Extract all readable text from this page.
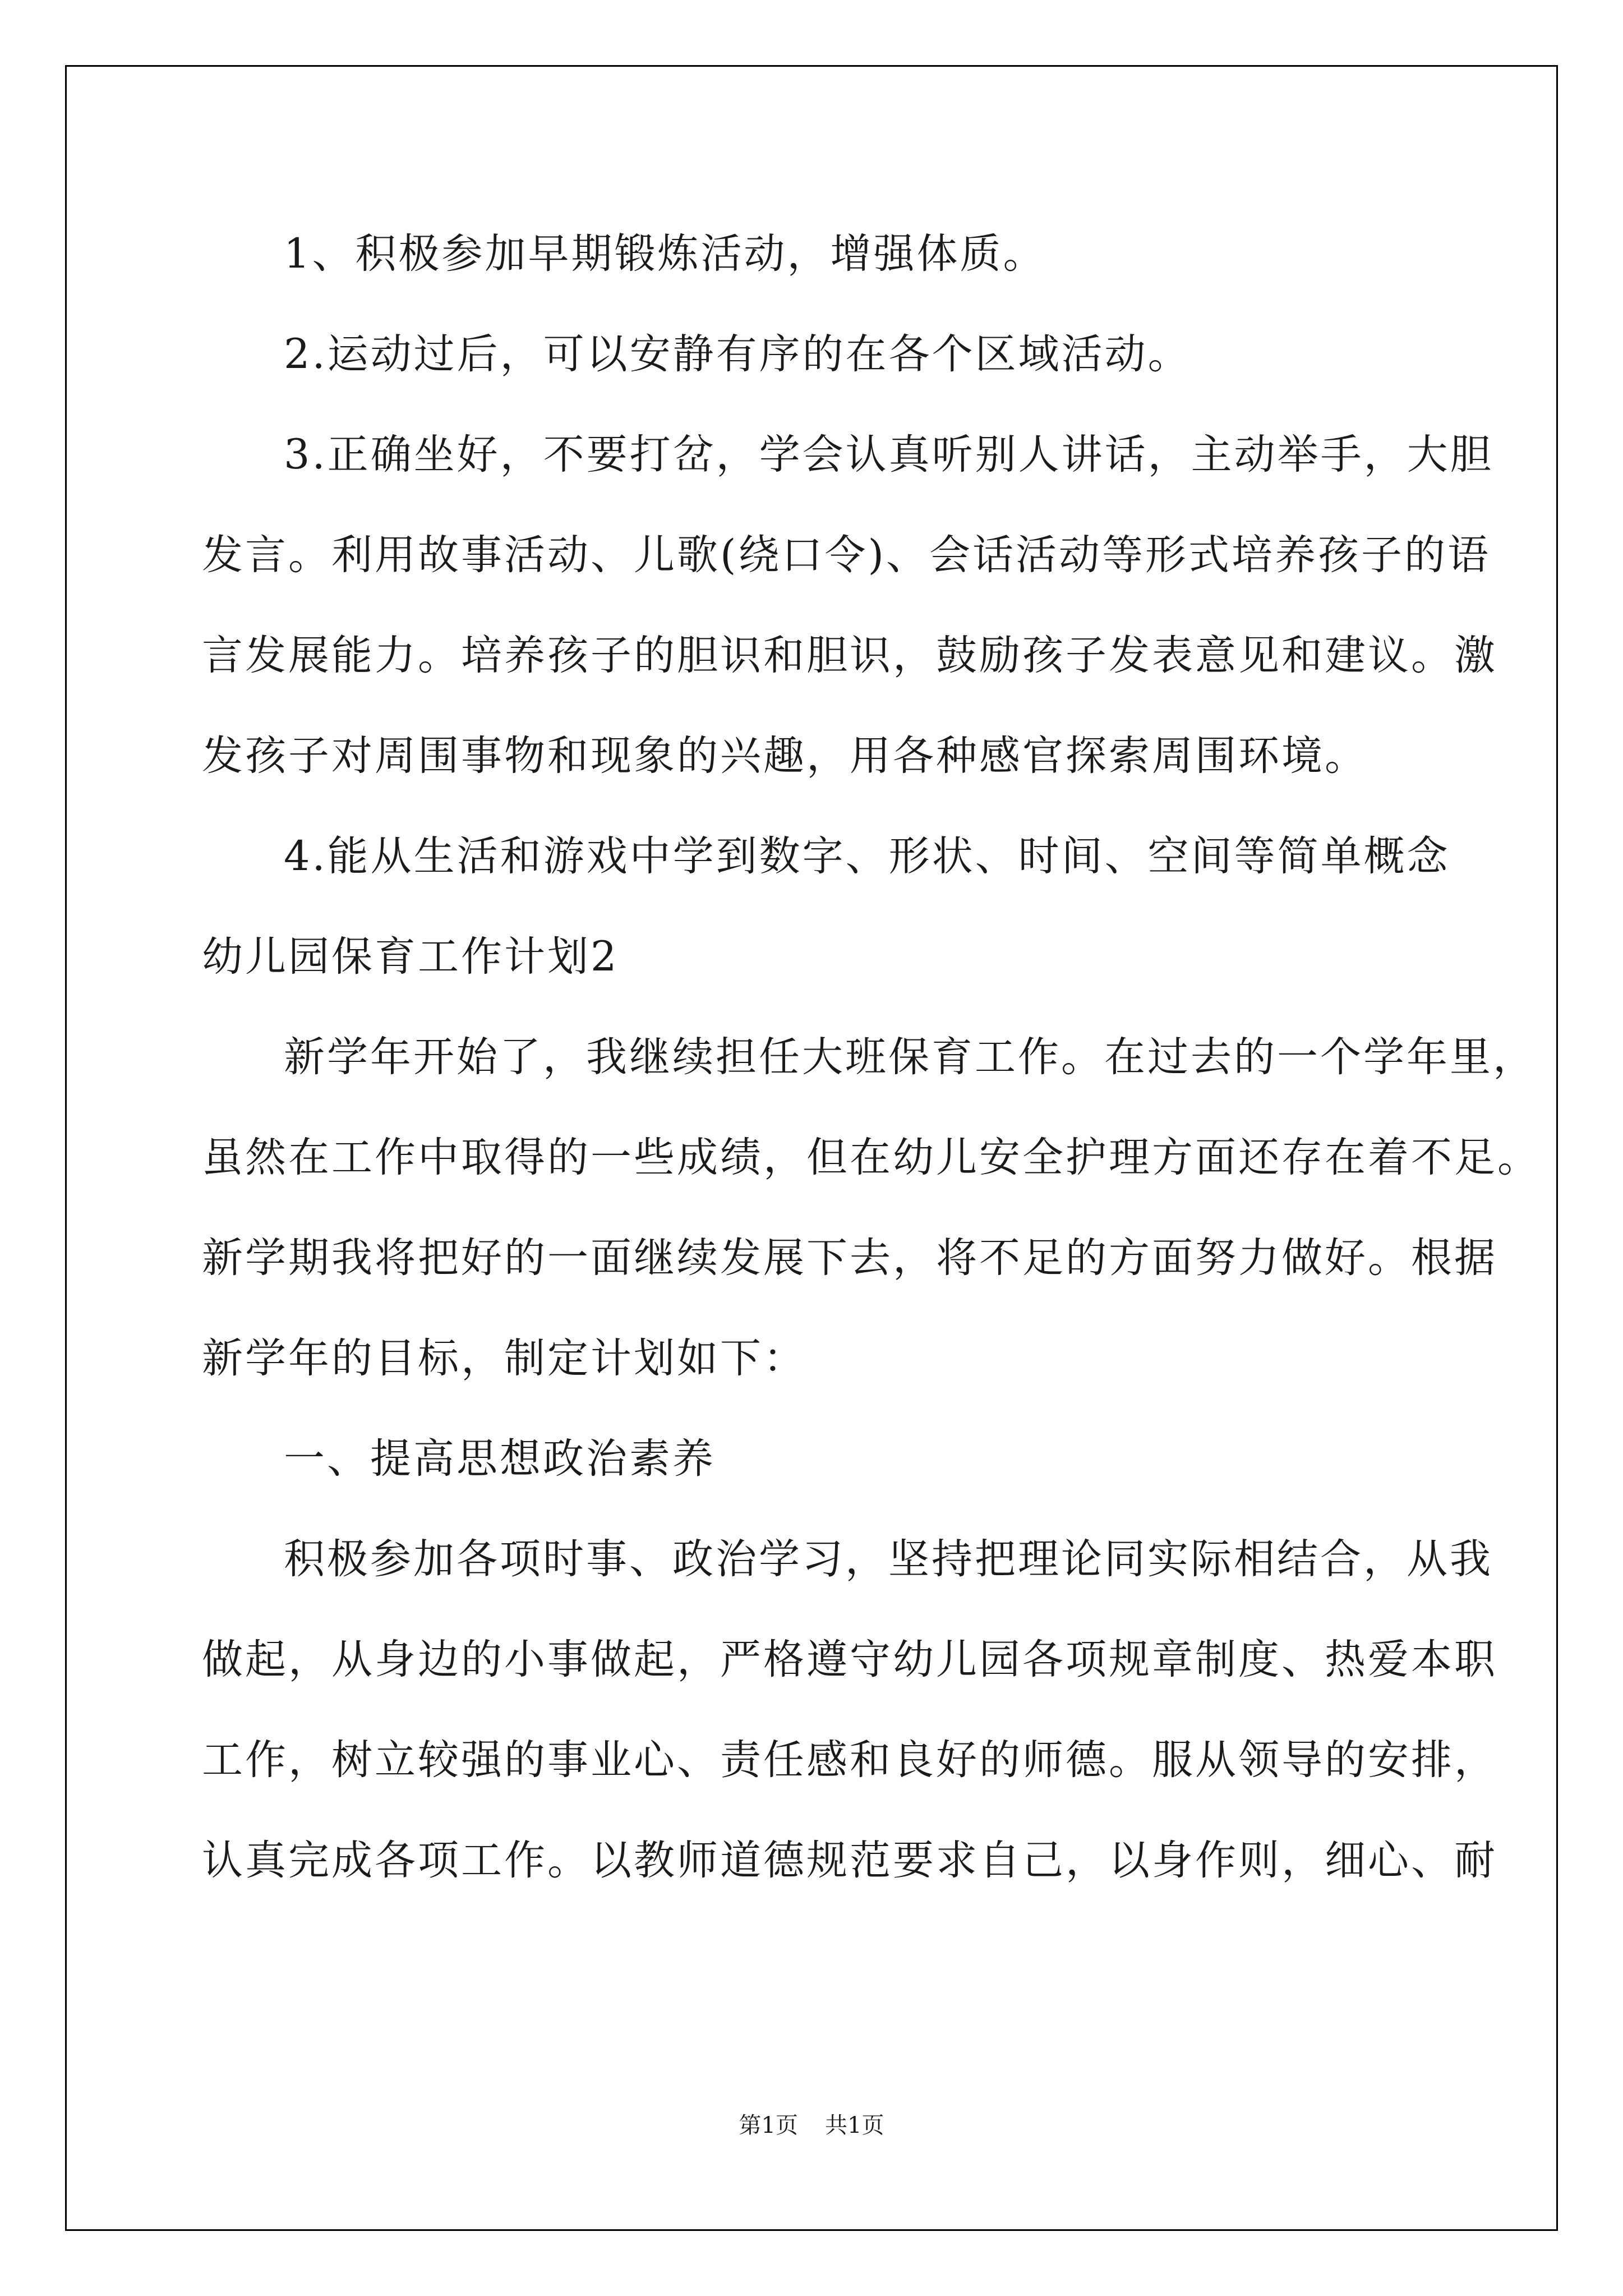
1、积极参加早期锻炼活动，增强体质。
2.运动过后，可以安静有序的在各个区域活动。
3.正确坐好，不要打岔，学会认真听别人讲话，主动举手，大胆
发言。利用故事活动、儿歌(绕口令)、会话活动等形式培养孩子的语
言发展能力。培养孩子的胆识和胆识，鼓励孩子发表意见和建议。激
发孩子对周围事物和现象的兴趣，用各种感官探索周围环境。
4.能从生活和游戏中学到数字、形状、时间、空间等简单概念
幼儿园保育工作计划2
新学年开始了，我继续担任大班保育工作。在过去的一个学年里，
虽然在工作中取得的一些成绩，但在幼儿安全护理方面还存在着不足。
新学期我将把好的一面继续发展下去，将不足的方面努力做好。根据
新学年的目标，制定计划如下：
一、提高思想政治素养
积极参加各项时事、政治学习，坚持把理论同实际相结合，从我
做起，从身边的小事做起，严格遵守幼儿园各项规章制度、热爱本职
工作，树立较强的事业心、责任感和良好的师德。服从领导的安排，
认真完成各项工作。以教师道德规范要求自己，以身作则，细心、耐
第1页 共1页
